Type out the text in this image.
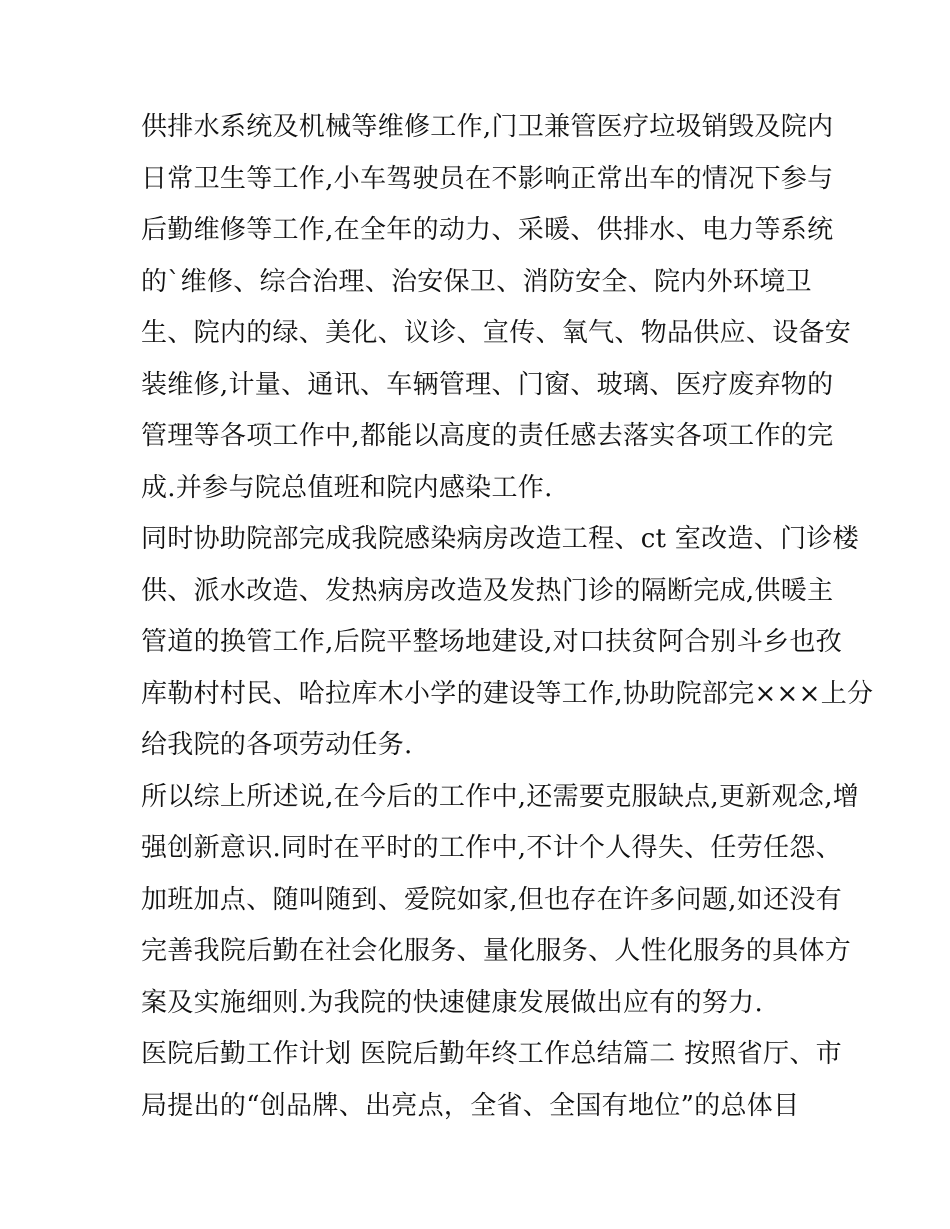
供排水系统及机械等维修工作,门卫兼管医疗垃圾销毁及院内
日常卫生等工作,小车驾驶员在不影响正常出车的情况下参与
后勤维修等工作,在全年的动力、采暖、供排水、电力等系统
的`维修、综合治理、治安保卫、消防安全、院内外环境卫
生、院内的绿、美化、议诊、宣传、氧气、物品供应、设备安
装维修,计量、通讯、车辆管理、门窗、玻璃、医疗废弃物的
管理等各项工作中,都能以高度的责任感去落实各项工作的完
成.并参与院总值班和院内感染工作.
同时协助院部完成我院感染病房改造工程、ct 室改造、门诊楼
供、派水改造、发热病房改造及发热门诊的隔断完成,供暖主
管道的换管工作,后院平整场地建设,对口扶贫阿合别斗乡也孜
库勒村村民、哈拉库木小学的建设等工作,协助院部完×××上分
给我院的各项劳动任务.
所以综上所述说,在今后的工作中,还需要克服缺点,更新观念,增
强创新意识.同时在平时的工作中,不计个人得失、任劳任怨、
加班加点、随叫随到、爱院如家,但也存在许多问题,如还没有
完善我院后勤在社会化服务、量化服务、人性化服务的具体方
案及实施细则.为我院的快速健康发展做出应有的努力.
医院后勤工作计划 医院后勤年终工作总结篇二 按照省厅、市
局提出的“创品牌、出亮点，全省、全国有地位”的总体目
